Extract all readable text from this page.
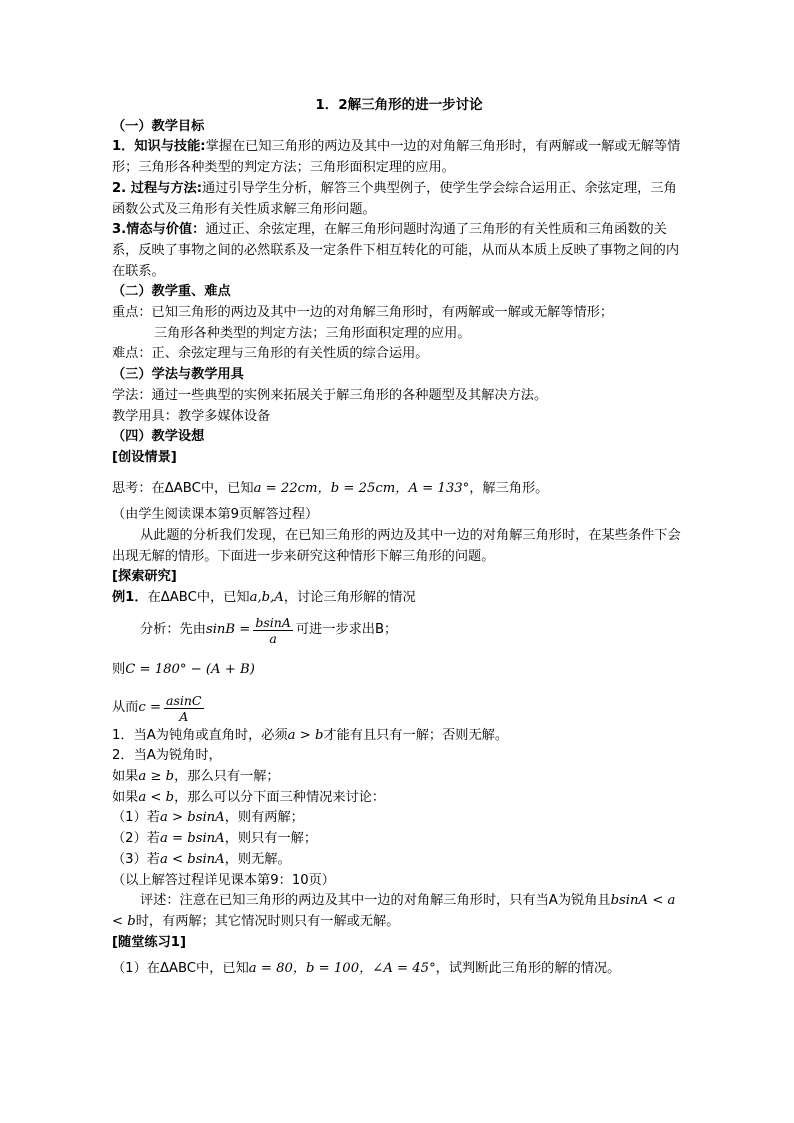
1．2解三角形的进一步讨论

（一）教学目标

1．知识与技能:掌握在已知三角形的两边及其中一边的对角解三角形时，有两解或一解或无解等情形；三角形各种类型的判定方法；三角形面积定理的应用。

2. 过程与方法:通过引导学生分析，解答三个典型例子，使学生学会综合运用正、余弦定理，三角函数公式及三角形有关性质求解三角形问题。

3.情态与价值：通过正、余弦定理，在解三角形问题时沟通了三角形的有关性质和三角函数的关系，反映了事物之间的必然联系及一定条件下相互转化的可能，从而从本质上反映了事物之间的内在联系。

（二）教学重、难点

重点：已知三角形的两边及其中一边的对角解三角形时，有两解或一解或无解等情形；

三角形各种类型的判定方法；三角形面积定理的应用。

难点：正、余弦定理与三角形的有关性质的综合运用。

（三）学法与教学用具

学法：通过一些典型的实例来拓展关于解三角形的各种题型及其解决方法。

教学用具：教学多媒体设备

（四）教学设想

[创设情景]

思考：在ΔABC中，已知a = 22cm，b = 25cm，A = 133°，解三角形。

（由学生阅读课本第9页解答过程）

从此题的分析我们发现，在已知三角形的两边及其中一边的对角解三角形时，在某些条件下会出现无解的情形。下面进一步来研究这种情形下解三角形的问题。

[探索研究]

例1．在ΔABC中，已知a,b,A，讨论三角形解的情况

分析：先由 $\sin B = \frac{bsinA}{a}$ 可进一步求出B；

则C = 180° − (A + B)

从而 $c = \frac{asinC}{A}$

1．当A为钝角或直角时，必须a > b才能有且只有一解；否则无解。

2．当A为锐角时，

如果a ≥ b，那么只有一解；

如果a < b，那么可以分下面三种情况来讨论：

（1）若a > bsinA，则有两解；

（2）若a = bsinA，则只有一解；

（3）若a < bsinA，则无解。

（以上解答过程详见课本第9：10页）

评述：注意在已知三角形的两边及其中一边的对角解三角形时，只有当A为锐角且bsinA < a < b时，有两解；其它情况时则只有一解或无解。

[随堂练习1]

（1）在ΔABC中，已知a = 80，b = 100，∠A = 45°，试判断此三角形的解的情况。
